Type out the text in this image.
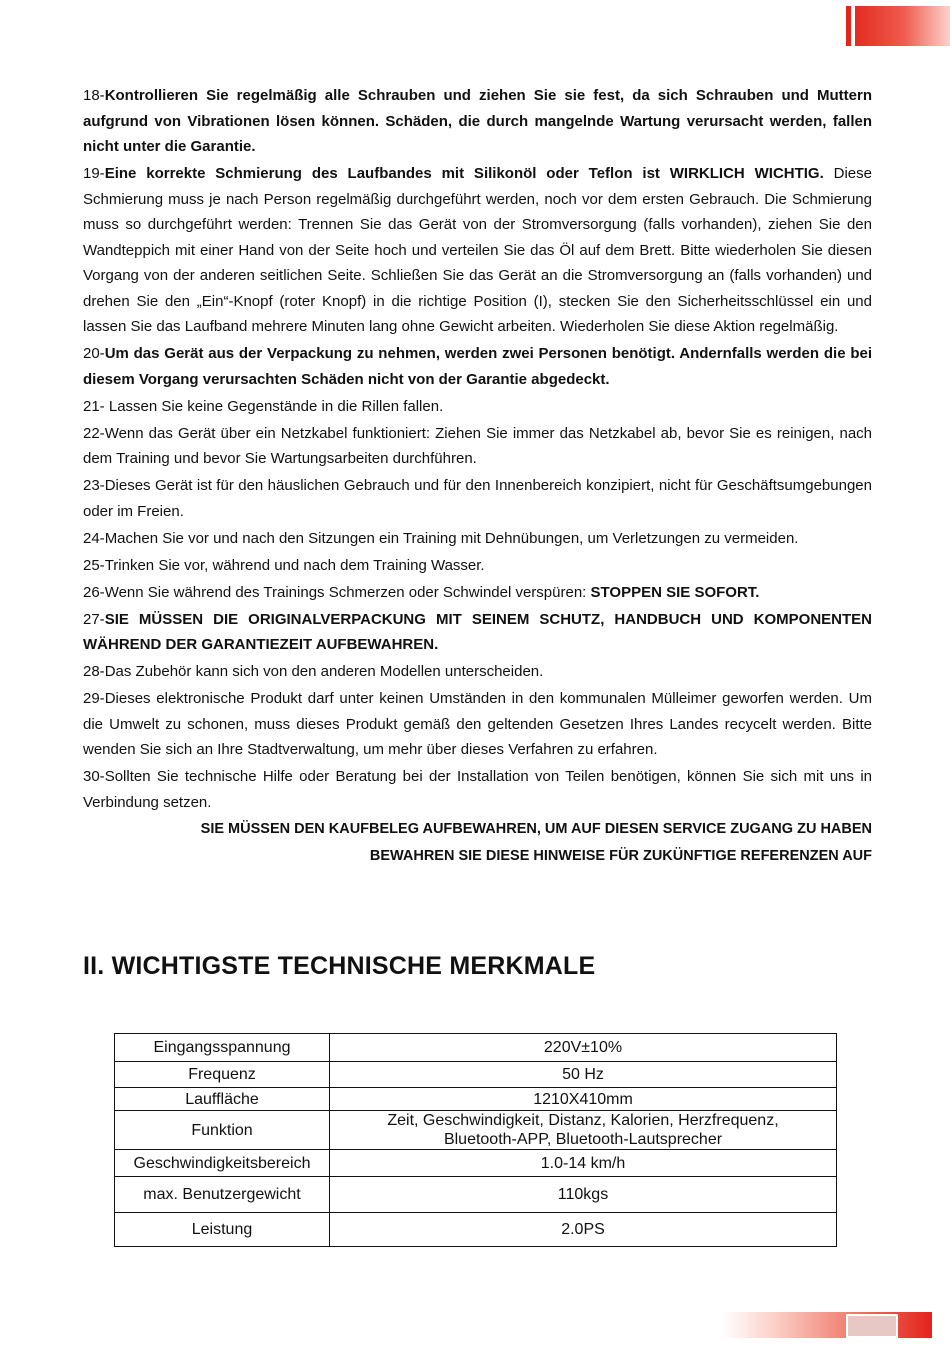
18-Kontrollieren Sie regelmäßig alle Schrauben und ziehen Sie sie fest, da sich Schrauben und Muttern aufgrund von Vibrationen lösen können. Schäden, die durch mangelnde Wartung verursacht werden, fallen nicht unter die Garantie.

19-Eine korrekte Schmierung des Laufbandes mit Silikonöl oder Teflon ist WIRKLICH WICHTIG. Diese Schmierung muss je nach Person regelmäßig durchgeführt werden, noch vor dem ersten Gebrauch. Die Schmierung muss so durchgeführt werden: Trennen Sie das Gerät von der Stromversorgung (falls vorhanden), ziehen Sie den Wandteppich mit einer Hand von der Seite hoch und verteilen Sie das Öl auf dem Brett. Bitte wiederholen Sie diesen Vorgang von der anderen seitlichen Seite. Schließen Sie das Gerät an die Stromversorgung an (falls vorhanden) und drehen Sie den „Ein“-Knopf (roter Knopf) in die richtige Position (I), stecken Sie den Sicherheitsschlüssel ein und lassen Sie das Laufband mehrere Minuten lang ohne Gewicht arbeiten. Wiederholen Sie diese Aktion regelmäßig.

20-Um das Gerät aus der Verpackung zu nehmen, werden zwei Personen benötigt. Andernfalls werden die bei diesem Vorgang verursachten Schäden nicht von der Garantie abgedeckt.

21- Lassen Sie keine Gegenstände in die Rillen fallen.

22-Wenn das Gerät über ein Netzkabel funktioniert: Ziehen Sie immer das Netzkabel ab, bevor Sie es reinigen, nach dem Training und bevor Sie Wartungsarbeiten durchführen.

23-Dieses Gerät ist für den häuslichen Gebrauch und für den Innenbereich konzipiert, nicht für Geschäftsumgebungen oder im Freien.

24-Machen Sie vor und nach den Sitzungen ein Training mit Dehnübungen, um Verletzungen zu vermeiden.

25-Trinken Sie vor, während und nach dem Training Wasser.

26-Wenn Sie während des Trainings Schmerzen oder Schwindel verspüren: STOPPEN SIE SOFORT.

27-SIE MÜSSEN DIE ORIGINALVERPACKUNG MIT SEINEM SCHUTZ, HANDBUCH UND KOMPONENTEN WÄHREND DER GARANTIEZEIT AUFBEWAHREN.

28-Das Zubehör kann sich von den anderen Modellen unterscheiden.

29-Dieses elektronische Produkt darf unter keinen Umständen in den kommunalen Mülleimer geworfen werden. Um die Umwelt zu schonen, muss dieses Produkt gemäß den geltenden Gesetzen Ihres Landes recycelt werden. Bitte wenden Sie sich an Ihre Stadtverwaltung, um mehr über dieses Verfahren zu erfahren.

30-Sollten Sie technische Hilfe oder Beratung bei der Installation von Teilen benötigen, können Sie sich mit uns in Verbindung setzen.

SIE MÜSSEN DEN KAUFBELEG AUFBEWAHREN, UM AUF DIESEN SERVICE ZUGANG ZU HABEN

BEWAHREN SIE DIESE HINWEISE FÜR ZUKÜNFTIGE REFERENZEN AUF

II. WICHTIGSTE TECHNISCHE MERKMALE
Eingangsspannung	220V±10%
Frequenz	50 Hz
Lauffläche	1210X410mm
Funktion	Zeit, Geschwindigkeit, Distanz, Kalorien, Herzfrequenz, Bluetooth-APP, Bluetooth-Lautsprecher
Geschwindigkeitsbereich	1.0-14 km/h
max. Benutzergewicht	110kgs
Leistung	2.0PS
